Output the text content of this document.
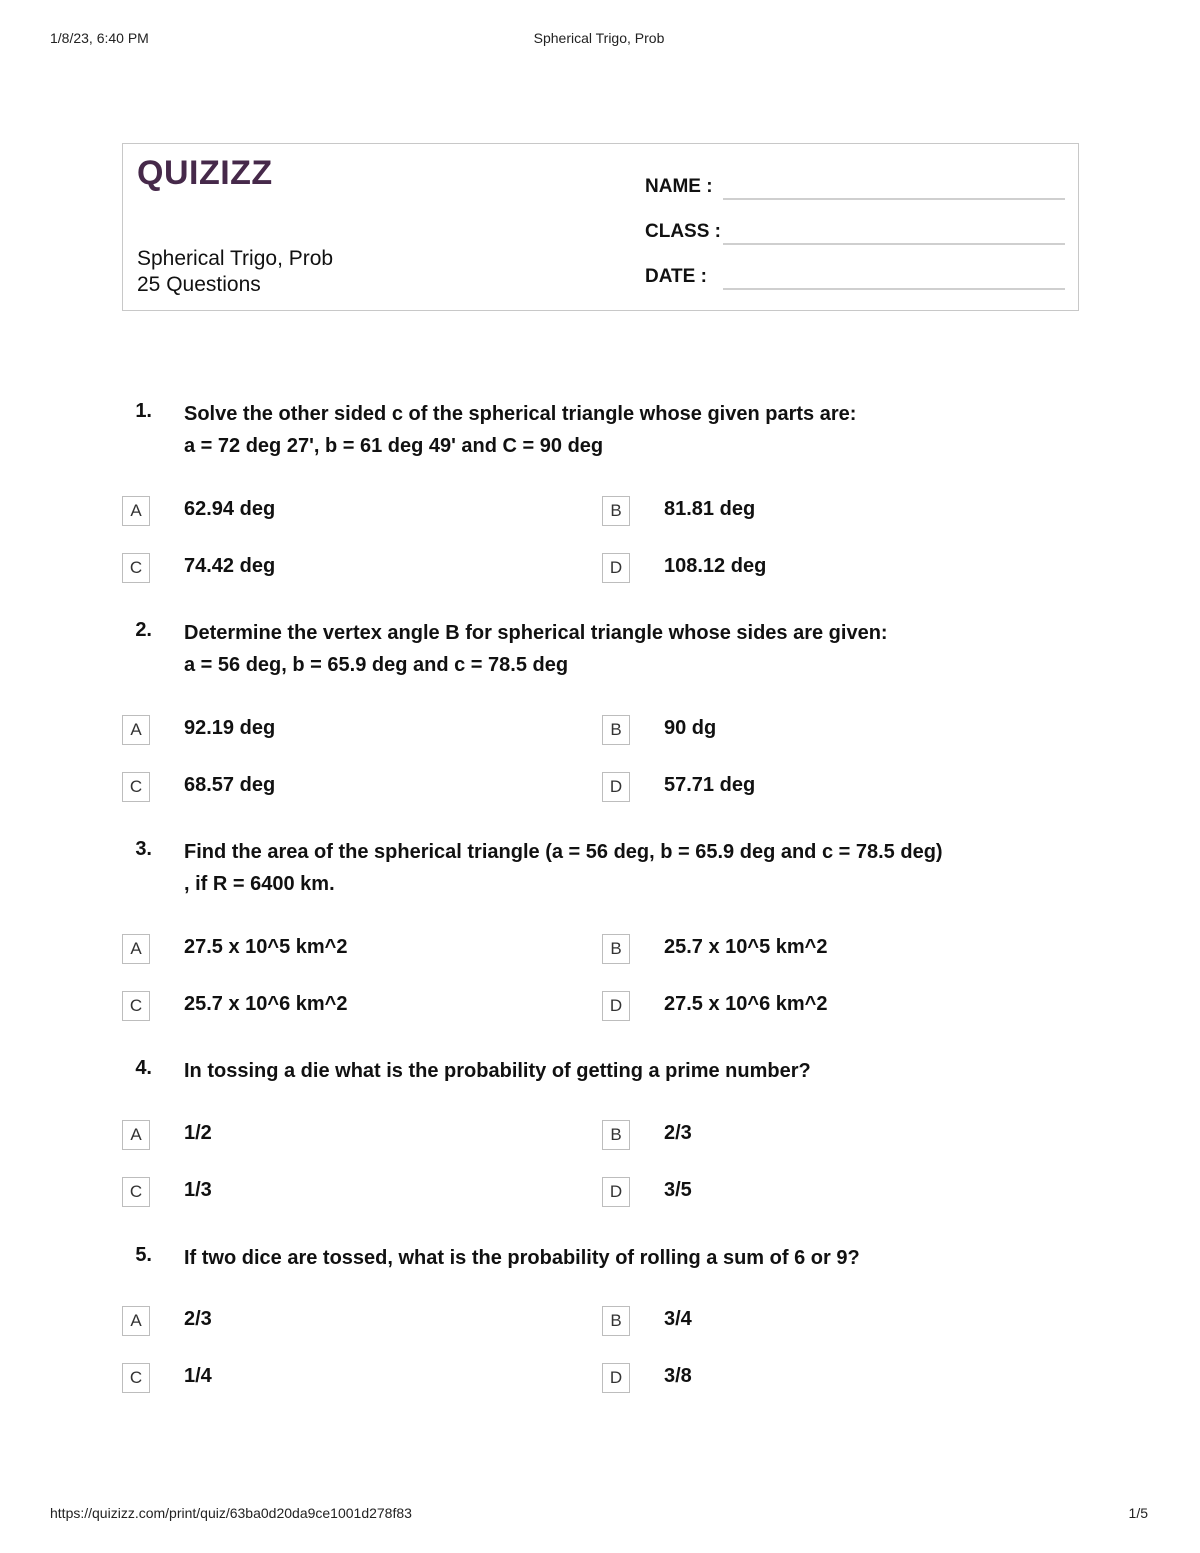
1/8/23, 6:40 PM	Spherical Trigo, Prob
QUIZIZZ
Spherical Trigo, Prob
25 Questions
NAME :
CLASS :
DATE :
1. Solve the other sided c of the spherical triangle whose given parts are:
a = 72 deg 27', b = 61 deg 49' and C = 90 deg
A	62.94 deg	B	81.81 deg
C	74.42 deg	D	108.12 deg
2. Determine the vertex angle B for spherical triangle whose sides are given:
a = 56 deg, b = 65.9 deg and c = 78.5 deg
A	92.19 deg	B	90 dg
C	68.57 deg	D	57.71 deg
3. Find the area of the spherical triangle (a = 56 deg, b = 65.9 deg and c = 78.5 deg)
, if R = 6400 km.
A	27.5 x 10^5 km^2	B	25.7 x 10^5 km^2
C	25.7 x 10^6 km^2	D	27.5 x 10^6 km^2
4. In tossing a die what is the probability of getting a prime number?
A	1/2	B	2/3
C	1/3	D	3/5
5. If two dice are tossed, what is the probability of rolling a sum of 6 or 9?
A	2/3	B	3/4
C	1/4	D	3/8
https://quizizz.com/print/quiz/63ba0d20da9ce1001d278f83	1/5
